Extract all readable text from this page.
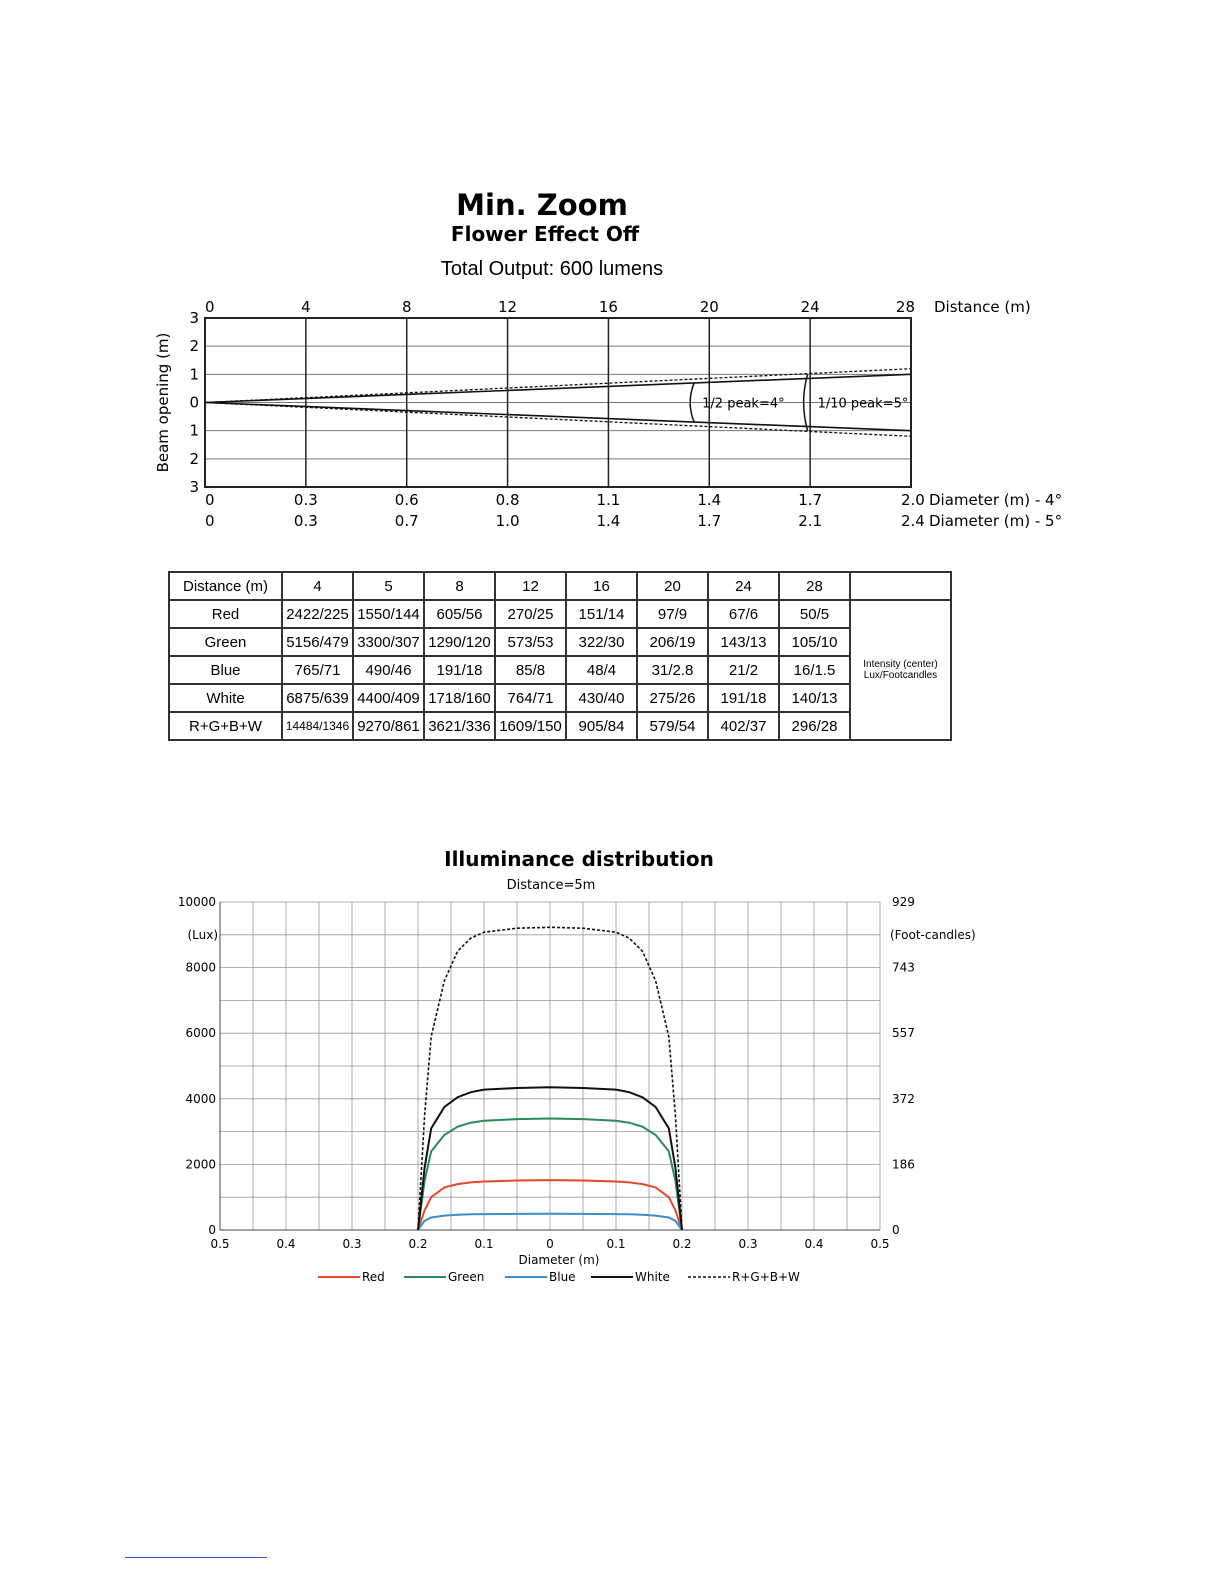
Min. Zoom
Flower Effect Off
Total Output: 600 lumens
0	4	8	12	16	20	24	28 Distance (m)
3
2
1
0
1
2
3
Beam opening (m)	1/2 peak=4°	1/10 peak=5°
0	0.3	0.6	0.8	1.1	1.4	1.7	2.0 Diameter (m) - 4°
0	0.3	0.7	1.0	1.4	1.7	2.1	2.4 Diameter (m) - 5°
Distance (m)	4	5	8	12	16	20	24	28	
Red	2422/225	1550/144	605/56	270/25	151/14	97/9	67/6	50/5	Intensity (center)
Lux/Footcandles

Green	5156/479	3300/307	1290/120	573/53	322/30	206/19	143/13	105/10	
Blue	765/71	490/46	191/18	85/8	48/4	31/2.8	21/2	16/1.5	
White	6875/639	4400/409	1718/160	764/71	430/40	275/26	191/18	140/13	
R+G+B+W	14484/1346	9270/861	3621/336	1609/150	905/84	579/54	402/37	296/28	
Illuminance distribution
Distance=5m
0.5	0.4	0.3	0.2	0.1	0	0.1	0.2	0.3	0.4	0.5
Diameter (m)
10000
8000
6000
4000
2000
0
(Lux)
929
743
557
372
186
0
(Foot-candles)
Red	Green	Blue	White	R+G+B+W
